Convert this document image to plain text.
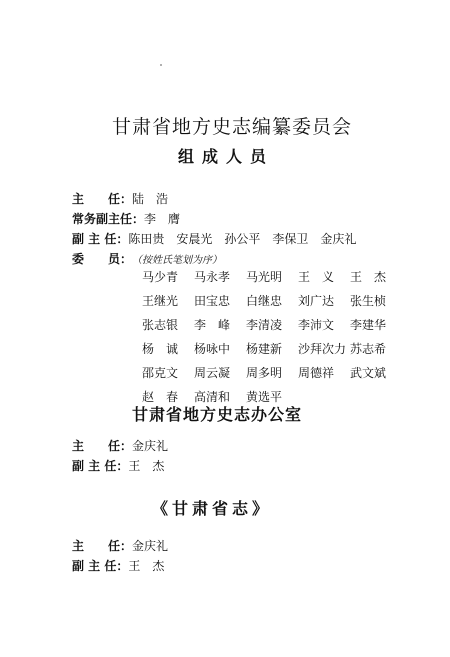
甘肃省地方史志编纂委员会
组成人员
主　　任： 陆　浩
常务副主任： 李　膺
副 主 任： 陈田贵　安晨光　孙公平　李保卫　金庆礼
委　　员： （按姓氏笔划为序）
马少青	马永孝	马光明	王　义	王　杰
王继光	田宝忠	白继忠	刘广达	张生桢
张志银	李　峰	李清凌	李沛文	李建华
杨　诚	杨咏中	杨建新	沙拜次力 苏志希
邵克文	周云凝	周多明	周德祥	武文斌
赵　春	高清和	黄选平
甘肃省地方史志办公室
主　　任： 金庆礼
副 主 任： 王　杰
《甘肃省志》
主　　任： 金庆礼
副 主 任： 王　杰
